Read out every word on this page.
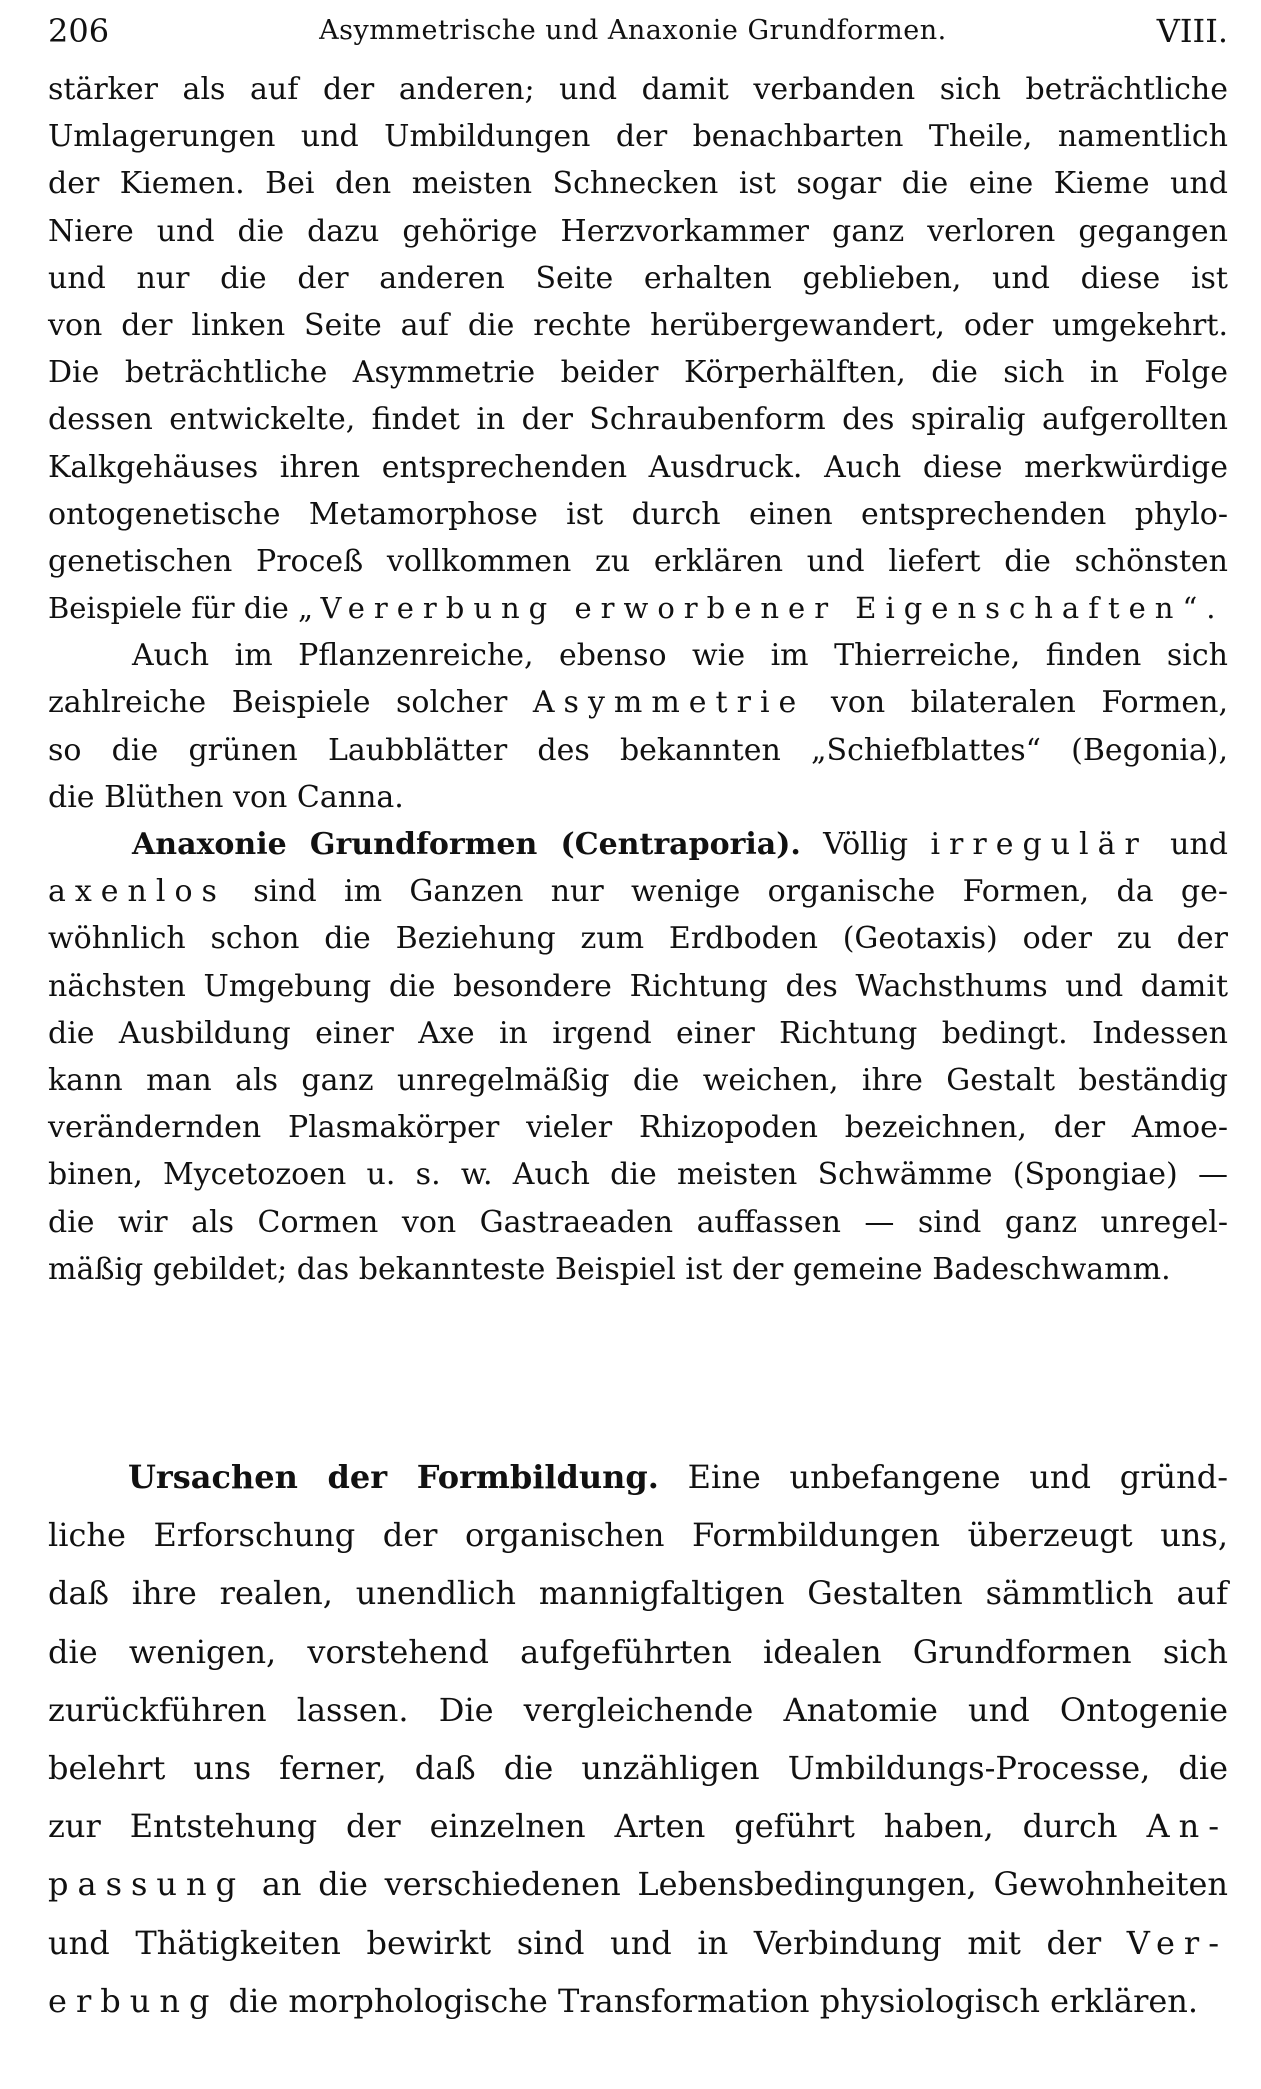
206	Asymmetrische und Anaxonie Grundformen.	VIII.
stärker als auf der anderen; und damit verbanden sich beträchtliche
Umlagerungen und Umbildungen der benachbarten Theile, namentlich
der Kiemen. Bei den meisten Schnecken ist sogar die eine Kieme und
Niere und die dazu gehörige Herzvorkammer ganz verloren gegangen
und nur die der anderen Seite erhalten geblieben, und diese ist
von der linken Seite auf die rechte herübergewandert, oder umgekehrt.
Die beträchtliche Asymmetrie beider Körperhälften, die sich in Folge
dessen entwickelte, findet in der Schraubenform des spiralig aufgerollten
Kalkgehäuses ihren entsprechenden Ausdruck. Auch diese merkwürdige
ontogenetische Metamorphose ist durch einen entsprechenden phylo-
genetischen Proceß vollkommen zu erklären und liefert die schönsten
Beispiele für die „Vererbung erworbener Eigenschaften“.
Auch im Pflanzenreiche, ebenso wie im Thierreiche, finden sich
zahlreiche Beispiele solcher Asymmetrie von bilateralen Formen,
so die grünen Laubblätter des bekannten „Schiefblattes“ (Begonia),
die Blüthen von Canna.
Anaxonie Grundformen (Centraporia). Völlig irregulär und
axenlos sind im Ganzen nur wenige organische Formen, da ge-
wöhnlich schon die Beziehung zum Erdboden (Geotaxis) oder zu der
nächsten Umgebung die besondere Richtung des Wachsthums und damit
die Ausbildung einer Axe in irgend einer Richtung bedingt. Indessen
kann man als ganz unregelmäßig die weichen, ihre Gestalt beständig
verändernden Plasmakörper vieler Rhizopoden bezeichnen, der Amoe-
binen, Mycetozoen u. s. w. Auch die meisten Schwämme (Spongiae) —
die wir als Cormen von Gastraeaden auffassen — sind ganz unregel-
mäßig gebildet; das bekannteste Beispiel ist der gemeine Badeschwamm.
Ursachen der Formbildung. Eine unbefangene und gründ-
liche Erforschung der organischen Formbildungen überzeugt uns,
daß ihre realen, unendlich mannigfaltigen Gestalten sämmtlich auf
die wenigen, vorstehend aufgeführten idealen Grundformen sich
zurückführen lassen. Die vergleichende Anatomie und Ontogenie
belehrt uns ferner, daß die unzähligen Umbildungs-Processe, die
zur Entstehung der einzelnen Arten geführt haben, durch An-
passung an die verschiedenen Lebensbedingungen, Gewohnheiten
und Thätigkeiten bewirkt sind und in Verbindung mit der Ver-
erbung die morphologische Transformation physiologisch erklären.
